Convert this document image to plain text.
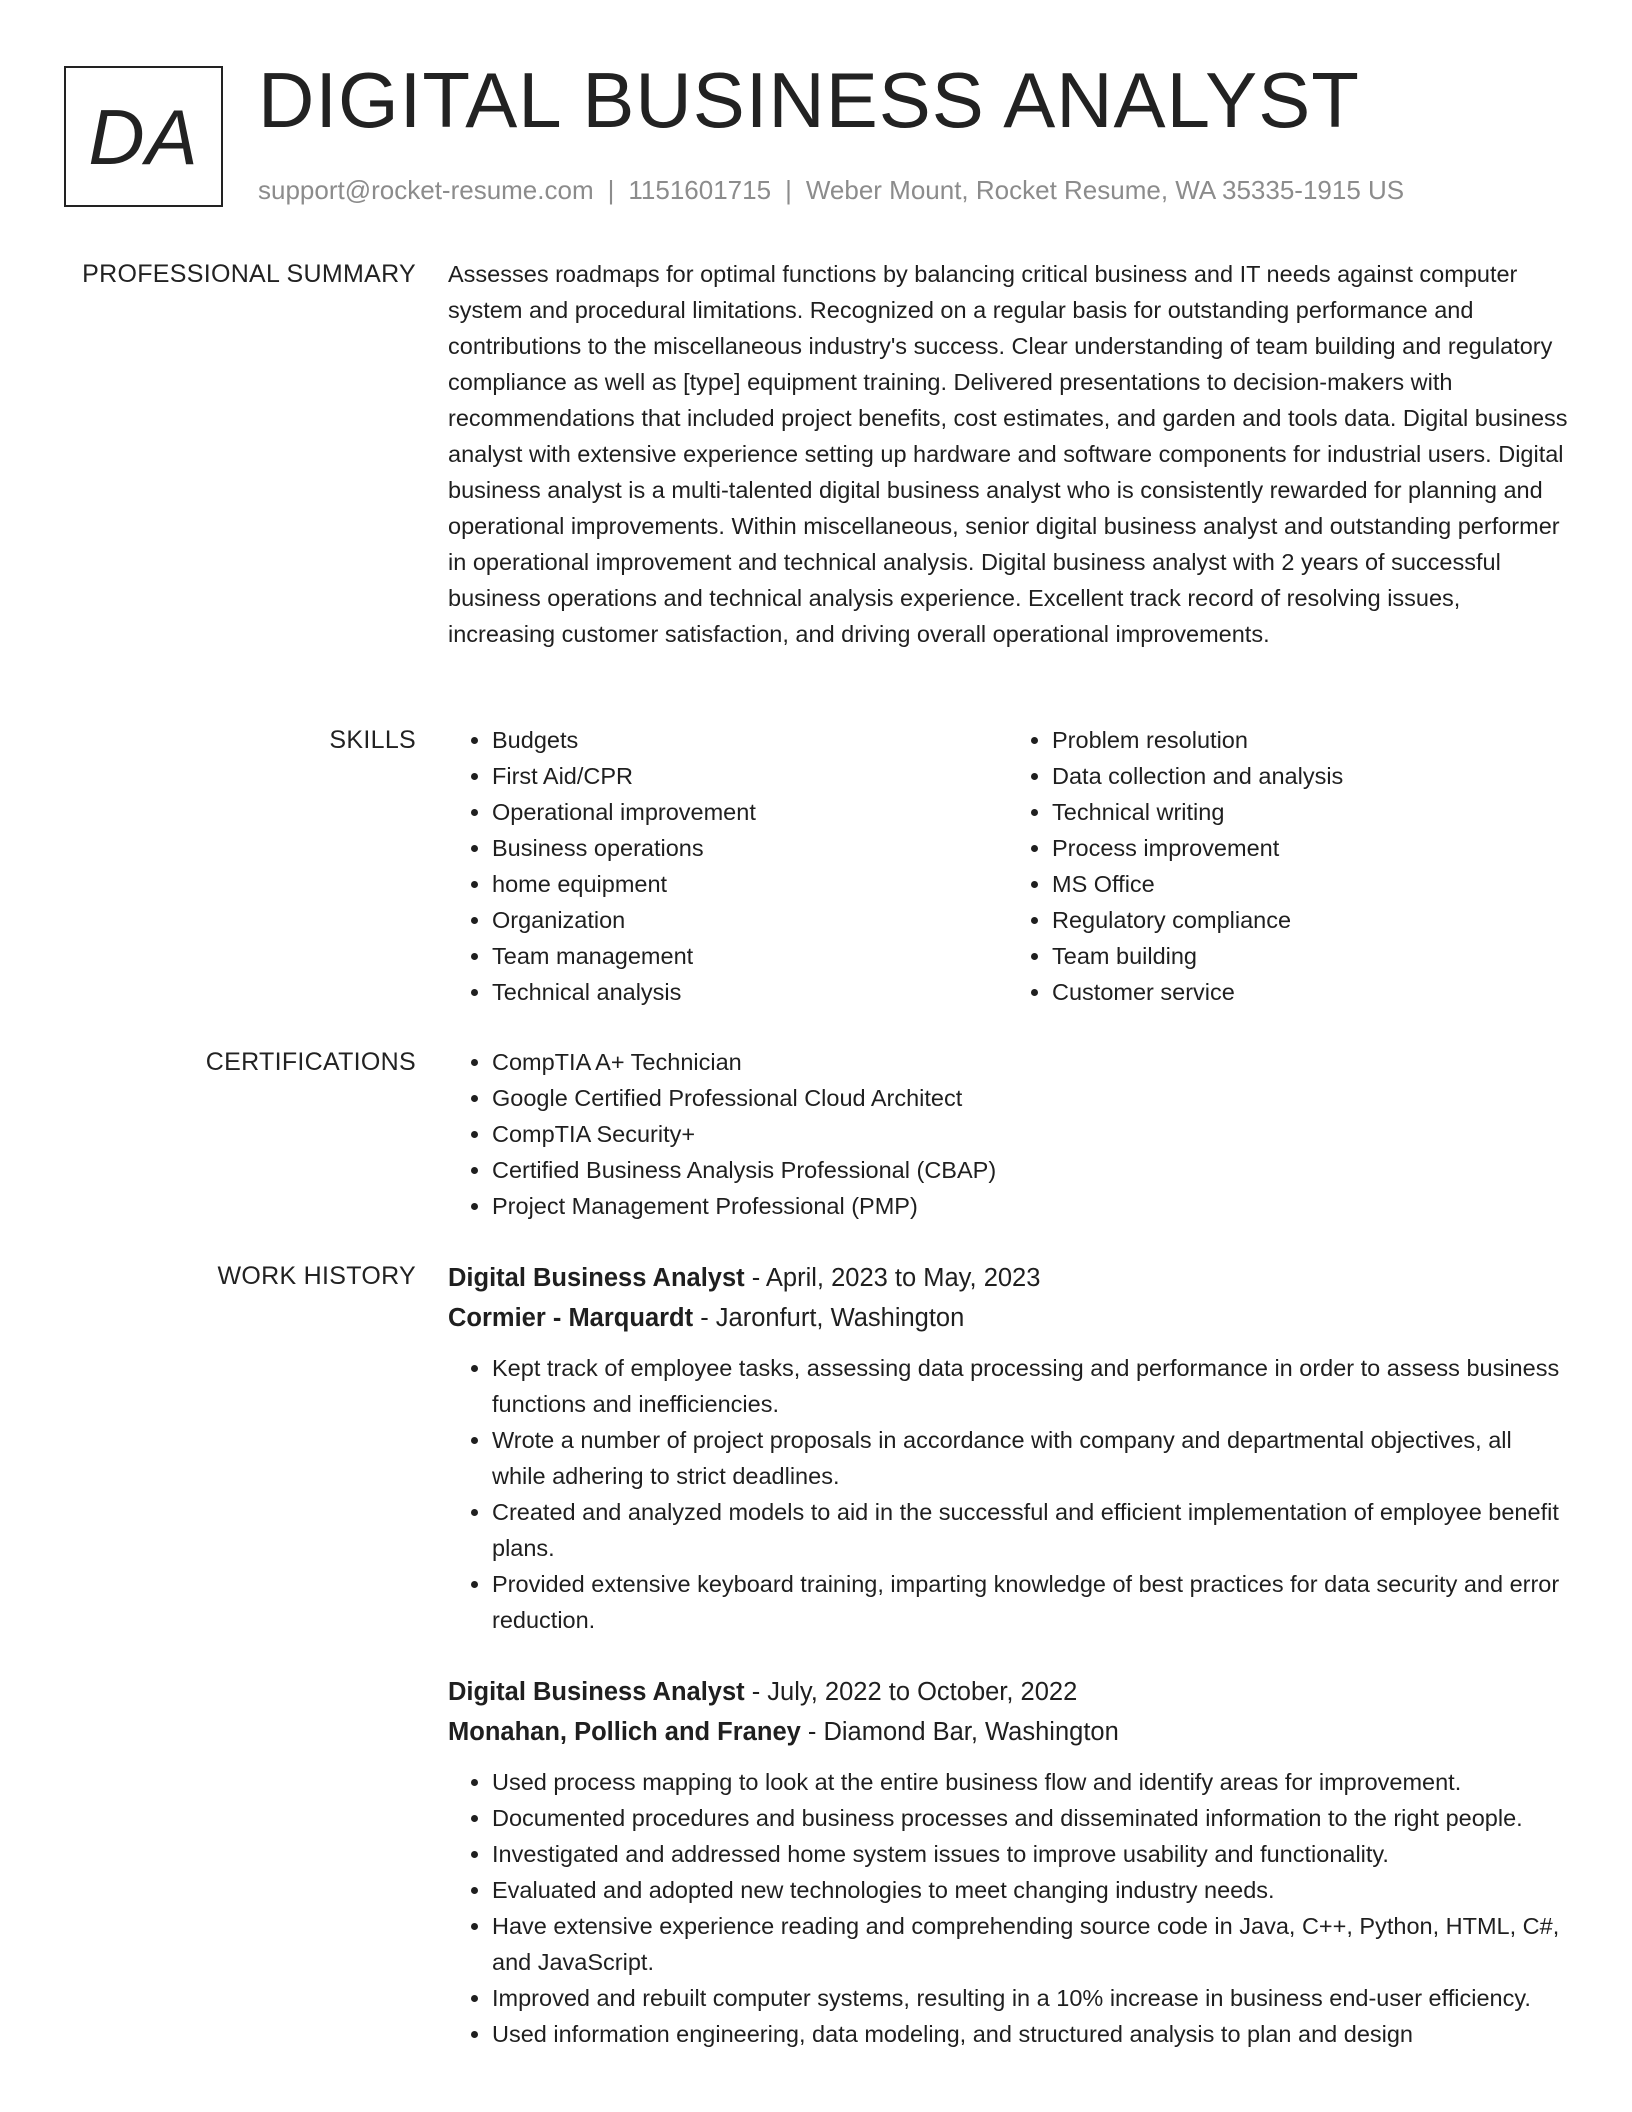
DA DIGITAL BUSINESS ANALYST
support@rocket-resume.com | 1151601715 | Weber Mount, Rocket Resume, WA 35335-1915 US
PROFESSIONAL SUMMARY Assesses roadmaps for optimal functions by balancing critical business and IT needs against computer system and procedural limitations. Recognized on a regular basis for outstanding performance and contributions to the miscellaneous industry's success. Clear understanding of team building and regulatory compliance as well as [type] equipment training. Delivered presentations to decision-makers with recommendations that included project benefits, cost estimates, and garden and tools data. Digital business analyst with extensive experience setting up hardware and software components for industrial users. Digital business analyst is a multi-talented digital business analyst who is consistently rewarded for planning and operational improvements. Within miscellaneous, senior digital business analyst and outstanding performer in operational improvement and technical analysis. Digital business analyst with 2 years of successful business operations and technical analysis experience. Excellent track record of resolving issues, increasing customer satisfaction, and driving overall operational improvements.

SKILLS	• Budgets
• First Aid/CPR
• Operational improvement
• Business operations
• home equipment
• Organization
• Team management
• Technical analysis
• Problem resolution
• Data collection and analysis
• Technical writing
• Process improvement
• MS Office
• Regulatory compliance
• Team building
• Customer service
CERTIFICATIONS	• CompTIA A+ Technician
• Google Certified Professional Cloud Architect
• CompTIA Security+
• Certified Business Analysis Professional (CBAP)
• Project Management Professional (PMP)
WORK HISTORY Digital Business Analyst - April, 2023 to May, 2023
Cormier - Marquardt - Jaronfurt, Washington
• Kept track of employee tasks, assessing data processing and performance in order to assess business functions and inefficiencies.
• Wrote a number of project proposals in accordance with company and departmental objectives, all while adhering to strict deadlines.
• Created and analyzed models to aid in the successful and efficient implementation of employee benefit plans.
• Provided extensive keyboard training, imparting knowledge of best practices for data security and error reduction.
Digital Business Analyst - July, 2022 to October, 2022
Monahan, Pollich and Franey - Diamond Bar, Washington
• Used process mapping to look at the entire business flow and identify areas for improvement.
• Documented procedures and business processes and disseminated information to the right people.
• Investigated and addressed home system issues to improve usability and functionality.
• Evaluated and adopted new technologies to meet changing industry needs.
• Have extensive experience reading and comprehending source code in Java, C++, Python, HTML, C#, and JavaScript.
• Improved and rebuilt computer systems, resulting in a 10% increase in business end-user efficiency.
• Used information engineering, data modeling, and structured analysis to plan and design
